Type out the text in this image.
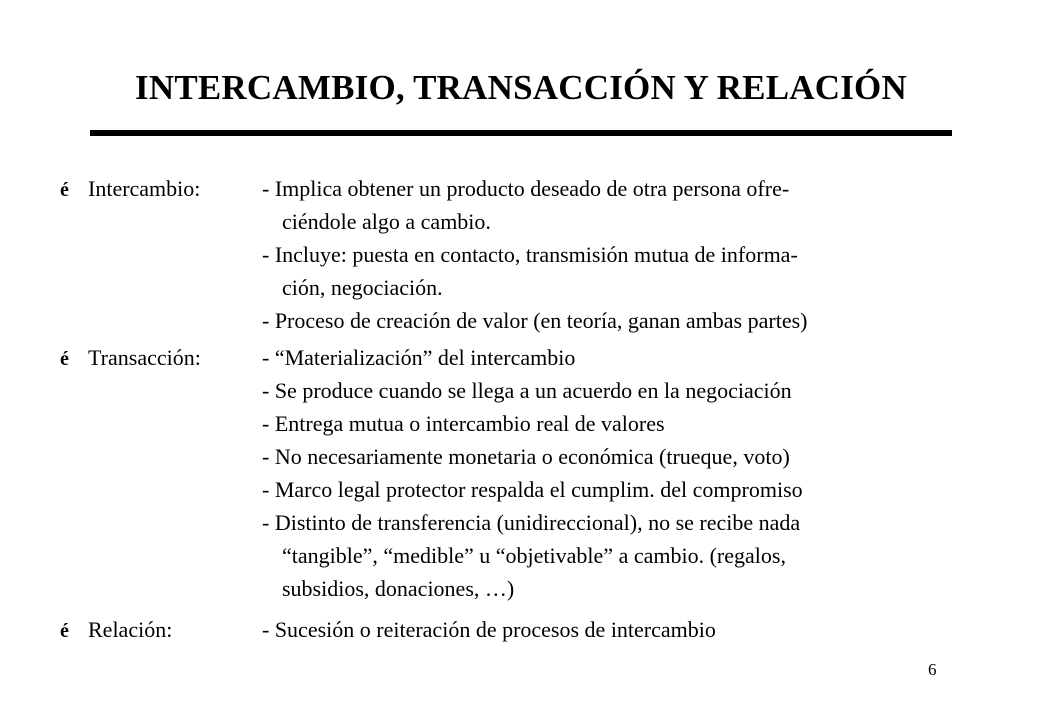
INTERCAMBIO, TRANSACCIÓN Y RELACIÓN
é Intercambio:	- Implica obtener un producto deseado de otra persona ofre-
ciéndole algo a cambio.
- Incluye: puesta en contacto, transmisión mutua de informa-
ción, negociación.
- Proceso de creación de valor (en teoría, ganan ambas partes)
é Transacción:	- “Materialización” del intercambio
- Se produce cuando se llega a un acuerdo en la negociación
- Entrega mutua o intercambio real de valores
- No necesariamente monetaria o económica (trueque, voto)
- Marco legal protector respalda el cumplim. del compromiso
- Distinto de transferencia (unidireccional), no se recibe nada
“tangible”, “medible” u “objetivable” a cambio. (regalos,
subsidios, donaciones, …)
é Relación:	- Sucesión o reiteración de procesos de intercambio
6
